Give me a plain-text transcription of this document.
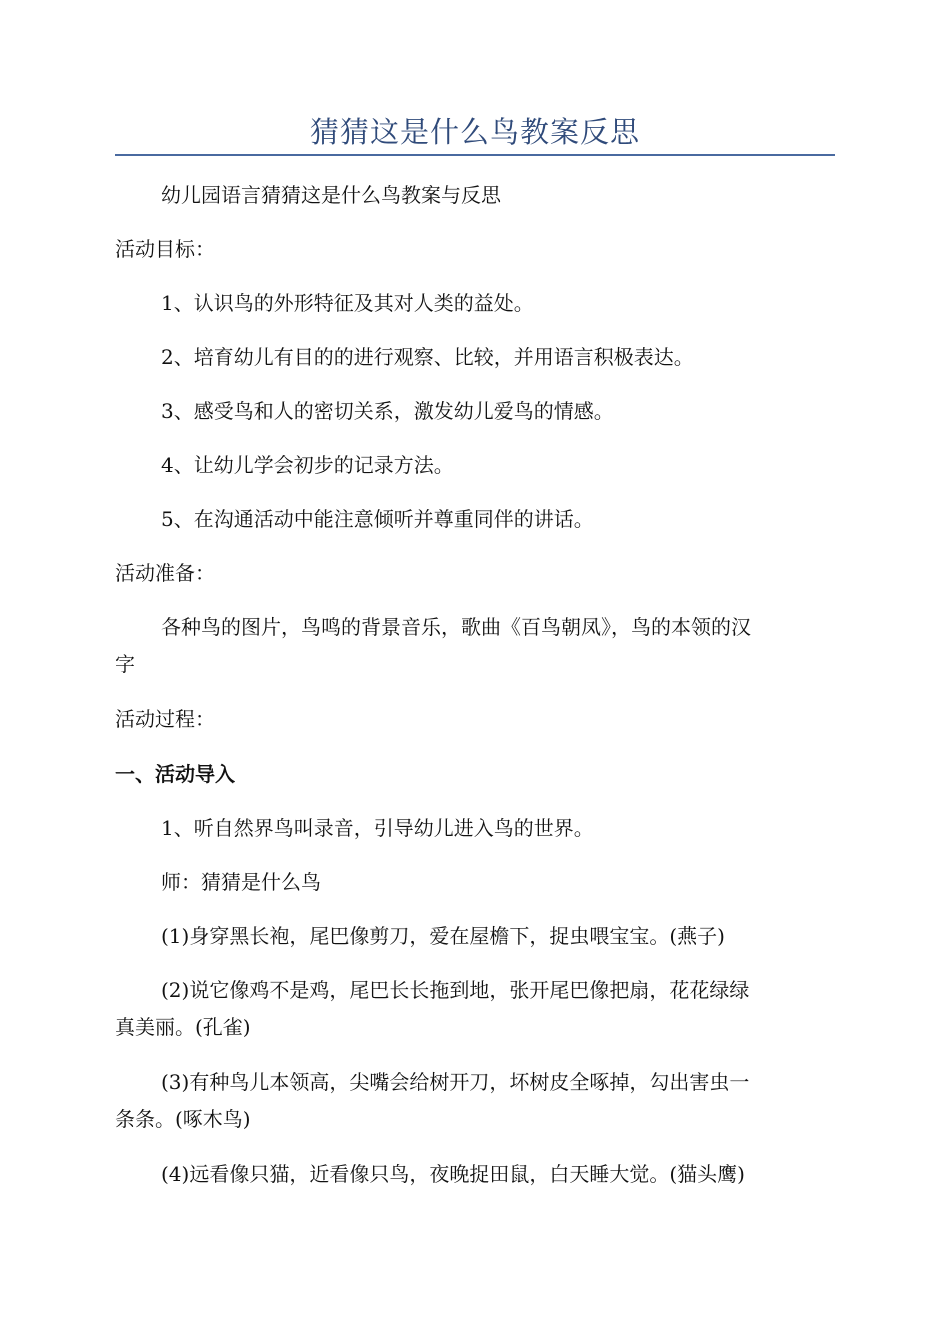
猜猜这是什么鸟教案反思
幼儿园语言猜猜这是什么鸟教案与反思
活动目标：
1、认识鸟的外形特征及其对人类的益处。
2、培育幼儿有目的的进行观察、比较，并用语言积极表达。
3、感受鸟和人的密切关系，激发幼儿爱鸟的情感。
4、让幼儿学会初步的记录方法。
5、在沟通活动中能注意倾听并尊重同伴的讲话。
活动准备：
各种鸟的图片，鸟鸣的背景音乐，歌曲《百鸟朝凤》，鸟的本领的汉
字
活动过程：
一、活动导入
1、听自然界鸟叫录音，引导幼儿进入鸟的世界。
师：猜猜是什么鸟
(1)身穿黑长袍，尾巴像剪刀，爱在屋檐下，捉虫喂宝宝。(燕子)
(2)说它像鸡不是鸡，尾巴长长拖到地，张开尾巴像把扇，花花绿绿
真美丽。(孔雀)
(3)有种鸟儿本领高，尖嘴会给树开刀，坏树皮全啄掉，勾出害虫一
条条。(啄木鸟)
(4)远看像只猫，近看像只鸟，夜晚捉田鼠，白天睡大觉。(猫头鹰)
